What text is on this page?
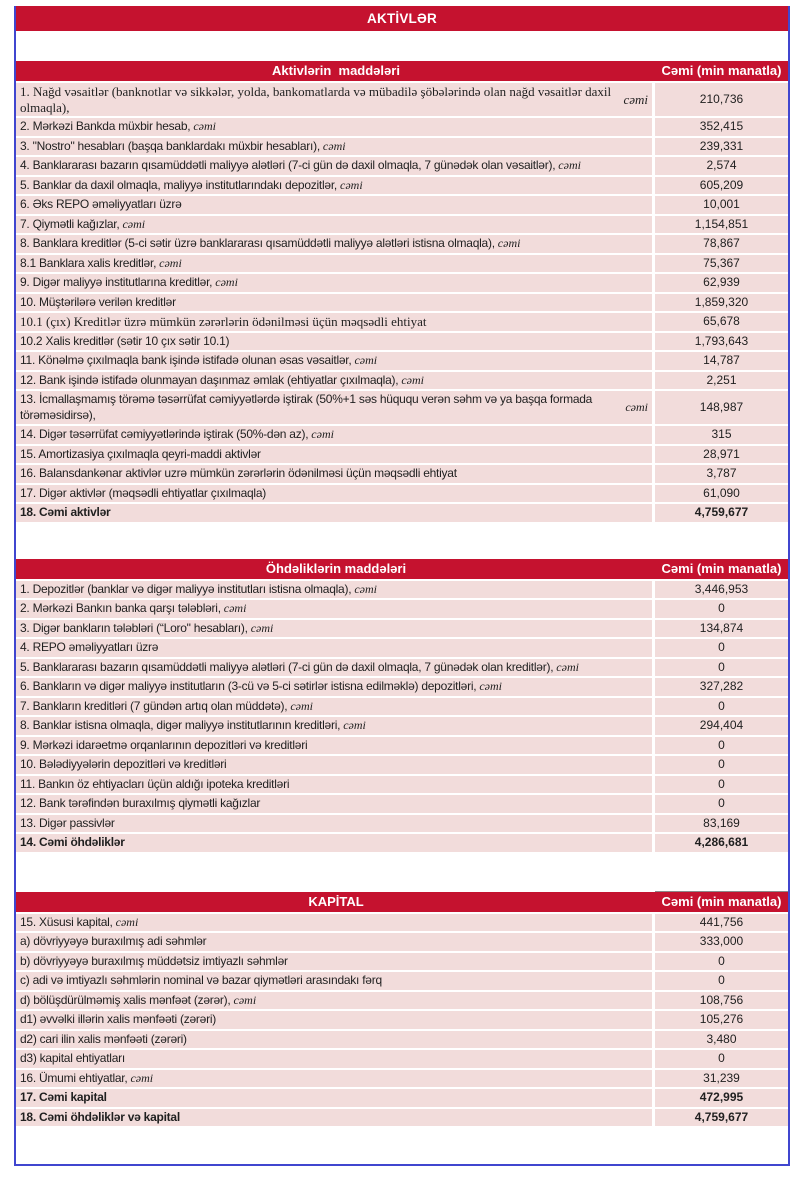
AKTİVLƏR
Aktivlərin  maddələri	Cəmi (min manatla)
1. Nağd vəsaitlər (banknotlar və sikkələr, yolda, bankomatlarda və mübadilə şöbələrində olan nağd vəsaitlər daxil olmaqla),
cəmi	210,736
2. Mərkəzi Bankda müxbir hesab, cəmi	352,415
3. "Nostro" hesabları (başqa banklardakı müxbir hesabları), cəmi	239,331
4. Banklararası bazarın qısamüddətli maliyyə alətləri (7-ci gün də daxil olmaqla, 7 günədək olan vəsaitlər), cəmi	2,574
5. Banklar da daxil olmaqla, maliyyə institutlarındakı depozitlər, cəmi	605,209
6. Əks REPO əməliyyatları üzrə	10,001
7. Qiymətli kağızlar, cəmi	1,154,851
8. Banklara kreditlər (5-ci sətir üzrə banklararası qısamüddətli maliyyə alətləri istisna olmaqla), cəmi	78,867
8.1 Banklara xalis kreditlər, cəmi	75,367
9. Digər maliyyə institutlarına kreditlər, cəmi	62,939
10. Müştərilərə verilən kreditlər	1,859,320
10.1 (çıx) Kreditlər üzrə mümkün zərərlərin ödənilməsi üçün məqsədli ehtiyat	65,678
10.2 Xalis kreditlər (sətir 10 çıx sətir 10.1)	1,793,643
11. Könəlmə çıxılmaqla bank işində istifadə olunan əsas vəsaitlər, cəmi	14,787
12. Bank işində istifadə olunmayan daşınmaz əmlak (ehtiyatlar çıxılmaqla), cəmi	2,251
13. İcmallaşmamış törəmə təsərrüfat cəmiyyətlərdə iştirak (50%+1 səs hüququ verən səhm və ya başqa formada törəməsidirsə),
cəmi	148,987
14. Digər təsərrüfat cəmiyyətlərində iştirak (50%-dən az), cəmi	315
15. Amortizasiya çıxılmaqla qeyri-maddi aktivlər	28,971
16. Balansdankənar aktivlər uzrə mümkün zərərlərin ödənilməsi üçün məqsədli ehtiyat	3,787
17. Digər aktivlər (məqsədli ehtiyatlar çıxılmaqla)	61,090
18. Cəmi aktivlər	4,759,677
Öhdəliklərin maddələri	Cəmi (min manatla)
1. Depozitlər (banklar və digər maliyyə institutları istisna olmaqla), cəmi	3,446,953
2. Mərkəzi Bankın banka qarşı tələbləri, cəmi	0
3. Digər bankların tələbləri (“Loro" hesabları), cəmi	134,874
4. REPO əməliyyatları üzrə	0
5. Banklararası bazarın qısamüddətli maliyyə alətləri (7-ci gün də daxil olmaqla, 7 günədək olan kreditlər), cəmi	0
6. Bankların və digər maliyyə institutların (3-cü və 5-ci sətirlər istisna edilməklə) depozitləri, cəmi	327,282
7. Bankların kreditləri (7 gündən artıq olan müddətə), cəmi	0
8. Banklar istisna olmaqla, digər maliyyə institutlarının kreditləri, cəmi	294,404
9. Mərkəzi idarəetmə orqanlarının depozitləri və kreditləri	0
10. Bələdiyyələrin depozitləri və kreditləri	0
11. Bankın öz ehtiyacları üçün aldığı ipoteka kreditləri	0
12. Bank tərəfindən buraxılmış qiymətli kağızlar	0
13. Digər passivlər	83,169
14. Cəmi öhdəliklər	4,286,681
KAPİTAL	Cəmi (min manatla)
15. Xüsusi kapital, cəmi	441,756
a) dövriyyəyə buraxılmış adi səhmlər	333,000
b) dövriyyəyə buraxılmış müddətsiz imtiyazlı səhmlər	0
c) adi və imtiyazlı səhmlərin nominal və bazar qiymətləri arasındakı fərq	0
d) bölüşdürülməmiş xalis mənfəət (zərər), cəmi	108,756
d1) əvvəlki illərin xalis mənfəəti (zərəri)	105,276
d2) cari ilin xalis mənfəəti (zərəri)	3,480
d3) kapital ehtiyatları	0
16. Ümumi ehtiyatlar, cəmi	31,239
17. Cəmi kapital	472,995
18. Cəmi öhdəliklər və kapital	4,759,677
